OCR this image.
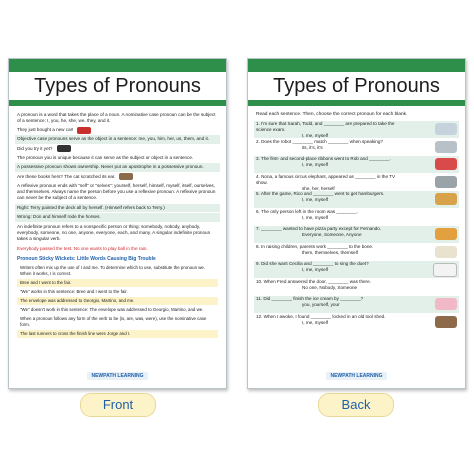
Types of Pronouns
A pronoun is a word that takes the place of a noun. A nominative case pronoun can be the subject of a sentence: I, you, he, she, we, they, and it.
They just bought a new car!
Objective case pronouns serve as the object in a sentence: me, you, him, her, us, them, and it.
Did you try it yet?
The pronoun you is unique because it can serve as the subject or object in a sentence.
A possessive pronoun shows ownership. Never put an apostrophe in a possessive pronoun.
Are these books hers? The cat scratched its ear.
A reflexive pronoun ends with "self" or "selves": yourself, herself, himself, myself, itself, ourselves, and themselves. Always name the person before you use a reflexive pronoun. A reflexive pronoun can never be the subject of a sentence.
Right: Terry painted the deck all by herself. (Himself refers back to Terry.)
Wrong: Don and himself rode the horses.
An indefinite pronoun refers to a nonspecific person or thing: somebody, nobody, anybody, everybody, someone, no one, anyone, everyone, each, and many. A singular indefinite pronoun takes a singular verb.
Everybody passed the test. No one wants to play ball in the rain.
Pronoun Sticky Wickets: Little Words Causing Big Trouble
Writers often mix up the use of I and me. To determine which to use, substitute the pronoun we. When it works, I is correct.
Bree and I went to the fair.
"We" works in this sentence: Bree and I went to the fair.
The envelope was addressed to Georgio, Martino, and me.
"We" doesn't work in this sentence: The envelope was addressed to Georgio, Martino, and we.
When a pronoun follows any form of the verb to be (is, are, was, were), use the nominative case form.
The last runners to cross the finish line were Jorge and I.
NEWPATH LEARNING
Types of Pronouns
Read each sentence. Then, choose the correct pronoun for each blank.
1. I'm sure that Sarah, Todd, and ________ are prepared to take the science exam.
I, me, myself
2. Does the robot ________ match ________ when speaking?
its, it's, it's
3. The first- and second-place ribbons went to Rob and ________.
I, me, myself
4. Nona, a famous circus elephant, appeared as ________ in the TV show.
she, her, herself
5. After the game, Rico and ________ went to get hamburgers.
I, me, myself
6. The only person left in the room was ________.
I, me, myself
7. ________ wanted to have pizza party except for Fernando.
Everyone, Someone, Anyone
8. In raising children, parents work ________ to the bone.
them, themselves, themself
9. Did she want Cecilia and ________ to sing the duet?
I, me, myself
10. When Fred answered the door, ________ was there.
No one, Nobody, Someone
11. Did ________ finish the ice cream by ________?
you, yourself, your
12. When I awoke, I found ________ locked in an old tool shed.
I, me, myself
NEWPATH LEARNING
Front	Back
